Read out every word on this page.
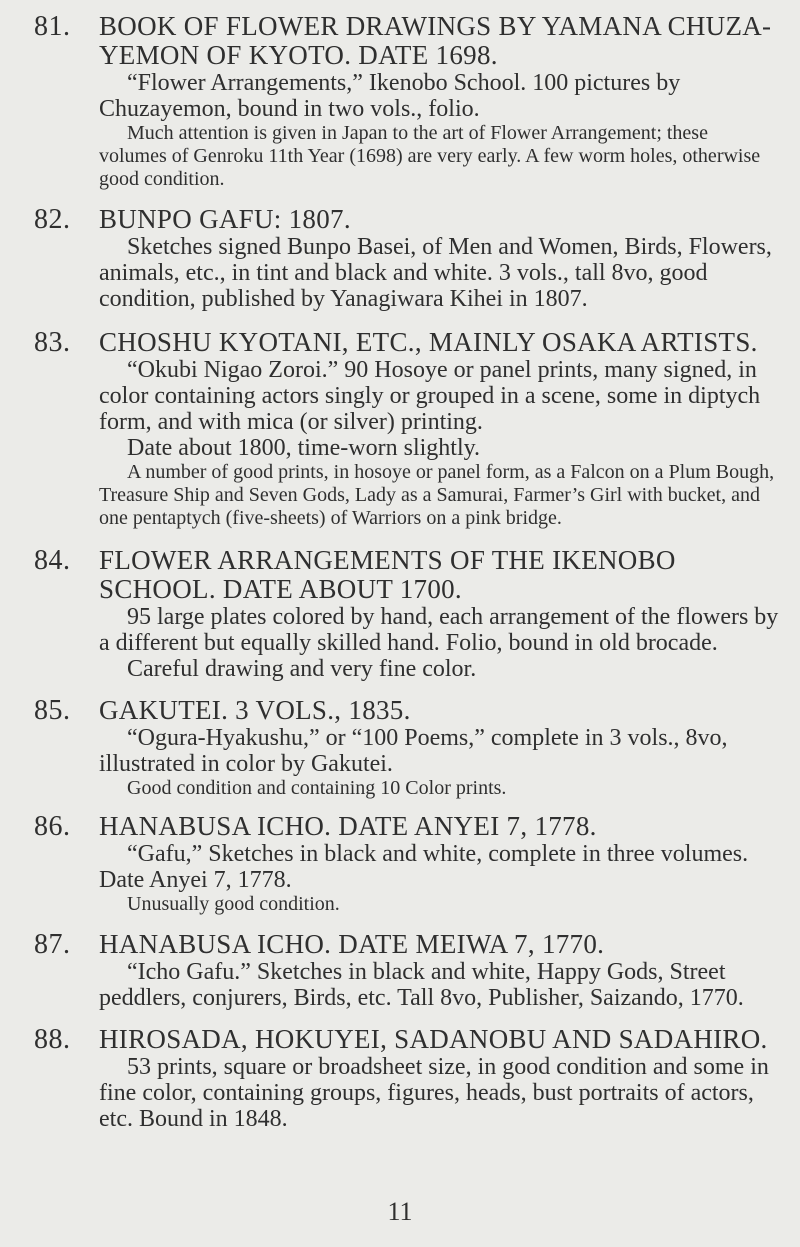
81. BOOK OF FLOWER DRAWINGS BY YAMANA CHUZA-YEMON OF KYOTO. DATE 1698.
“Flower Arrangements,” Ikenobo School. 100 pictures by Chuzayemon, bound in two vols., folio.
Much attention is given in Japan to the art of Flower Arrangement; these volumes of Genroku 11th Year (1698) are very early. A few worm holes, otherwise good condition.
82. BUNPO GAFU: 1807.
Sketches signed Bunpo Basei, of Men and Women, Birds, Flowers, animals, etc., in tint and black and white. 3 vols., tall 8vo, good condition, published by Yanagiwara Kihei in 1807.
83. CHOSHU KYOTANI, ETC., MAINLY OSAKA ARTISTS.
“Okubi Nigao Zoroi.” 90 Hosoye or panel prints, many signed, in color containing actors singly or grouped in a scene, some in diptych form, and with mica (or silver) printing.
Date about 1800, time-worn slightly.
A number of good prints, in hosoye or panel form, as a Falcon on a Plum Bough, Treasure Ship and Seven Gods, Lady as a Samurai, Farmer’s Girl with bucket, and one pentaptych (five-sheets) of Warriors on a pink bridge.
84. FLOWER ARRANGEMENTS OF THE IKENOBO SCHOOL. DATE ABOUT 1700.
95 large plates colored by hand, each arrangement of the flowers by a different but equally skilled hand. Folio, bound in old brocade.
Careful drawing and very fine color.
85. GAKUTEI. 3 VOLS., 1835.
“Ogura-Hyakushu,” or “100 Poems,” complete in 3 vols., 8vo, illustrated in color by Gakutei.
Good condition and containing 10 Color prints.
86. HANABUSA ICHO. DATE ANYEI 7, 1778.
“Gafu,” Sketches in black and white, complete in three volumes. Date Anyei 7, 1778.
Unusually good condition.
87. HANABUSA ICHO. DATE MEIWA 7, 1770.
“Icho Gafu.” Sketches in black and white, Happy Gods, Street peddlers, conjurers, Birds, etc. Tall 8vo, Publisher, Saizando, 1770.
88. HIROSADA, HOKUYEI, SADANOBU AND SADAHIRO.
53 prints, square or broadsheet size, in good condition and some in fine color, containing groups, figures, heads, bust portraits of actors, etc. Bound in 1848.
11
